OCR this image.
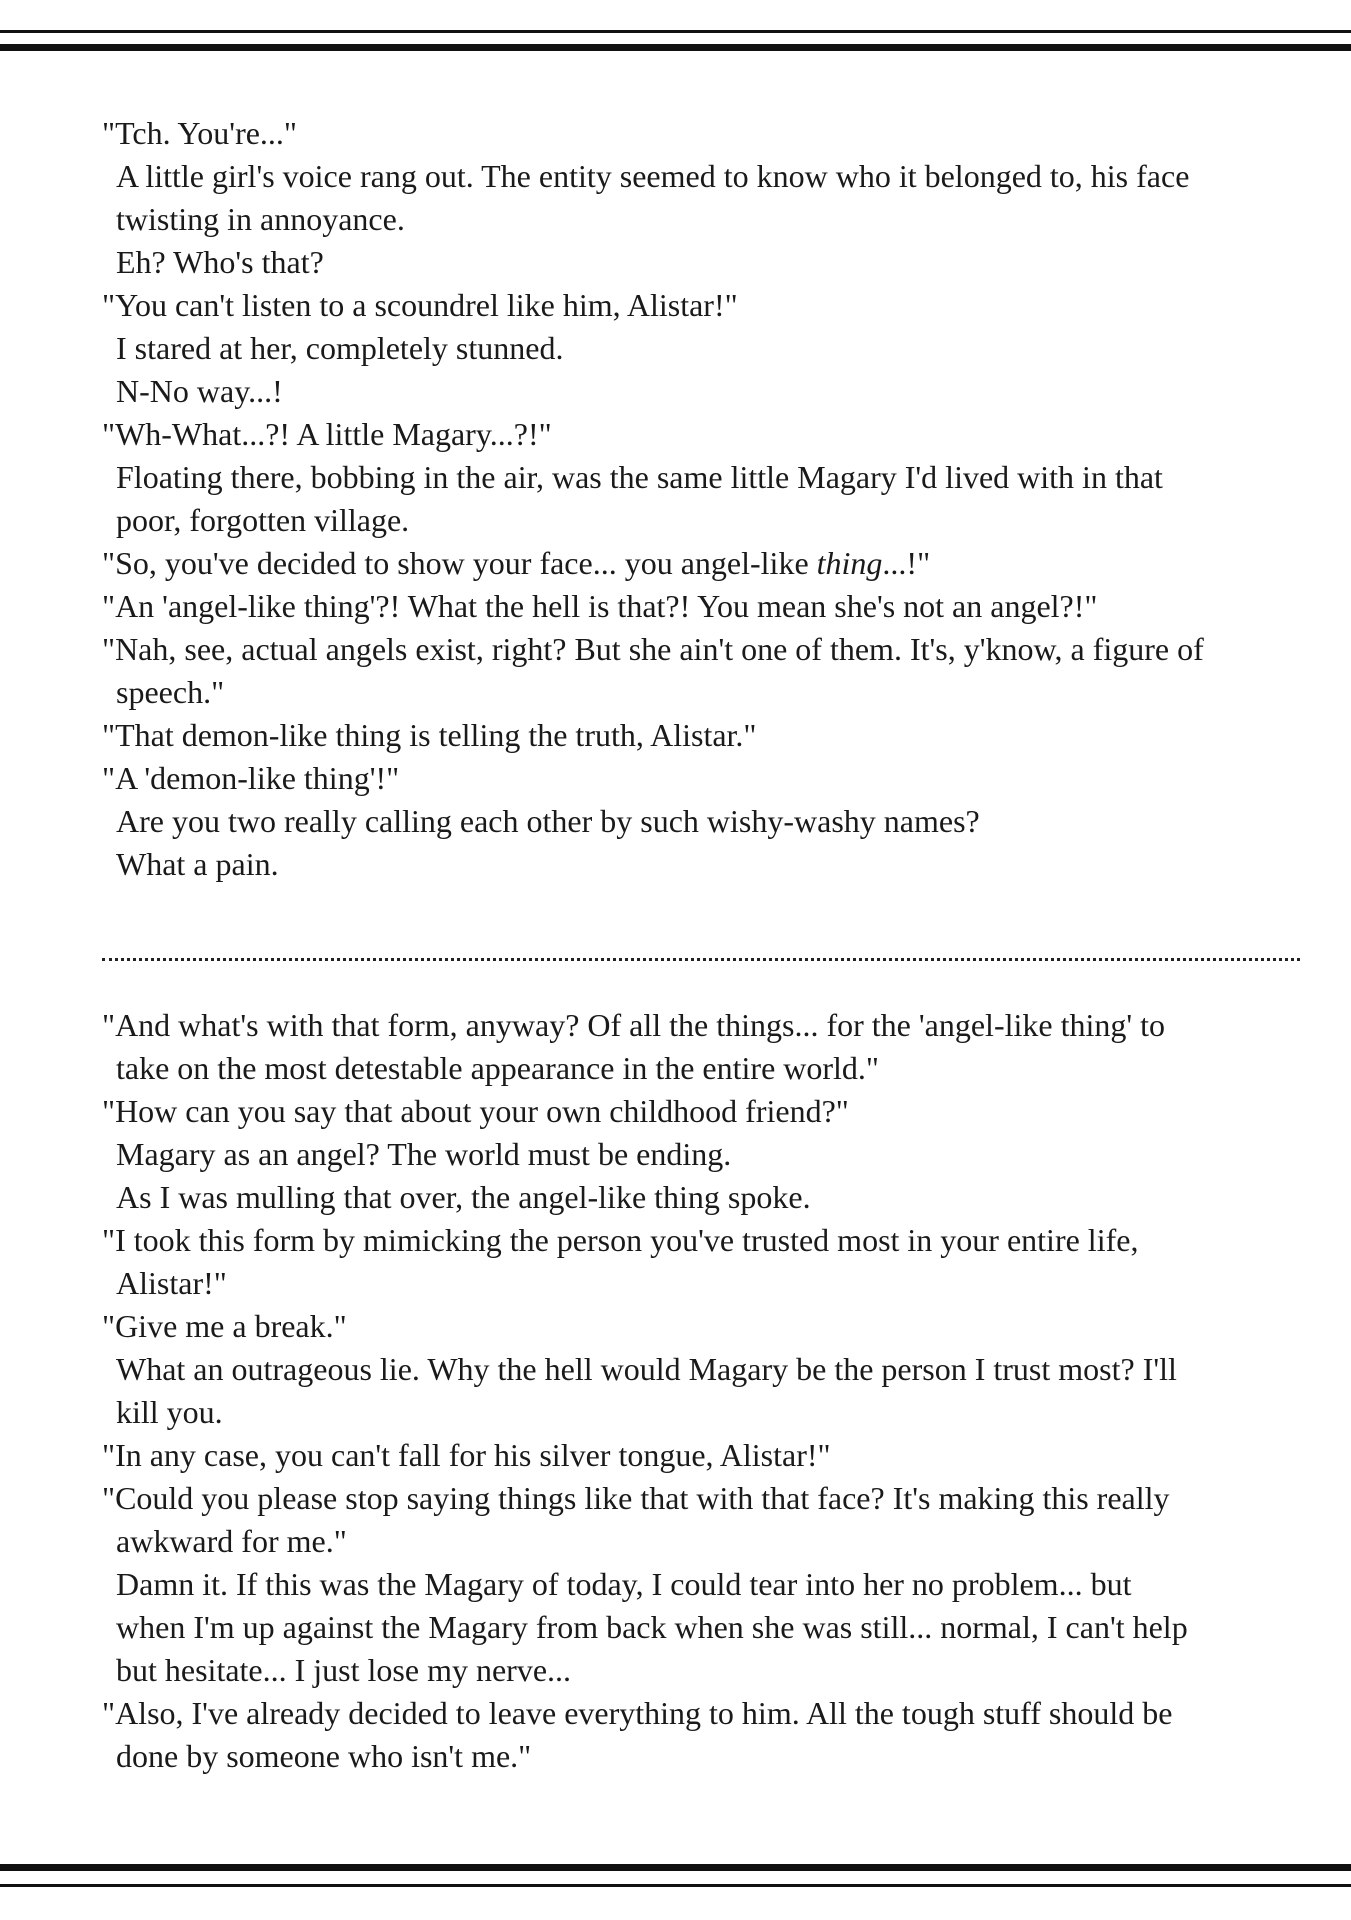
"Tch. You're..."

A little girl's voice rang out. The entity seemed to know who it belonged to, his face

twisting in annoyance.

Eh? Who's that?

"You can't listen to a scoundrel like him, Alistar!"

I stared at her, completely stunned.

N-No way...!

"Wh-What...?! A little Magary...?!"

Floating there, bobbing in the air, was the same little Magary I'd lived with in that

poor, forgotten village.

"So, you've decided to show your face... you angel-like thing...!"

"An 'angel-like thing'?! What the hell is that?! You mean she's not an angel?!"

"Nah, see, actual angels exist, right? But she ain't one of them. It's, y'know, a figure of

speech."

"That demon-like thing is telling the truth, Alistar."

"A 'demon-like thing'!"

Are you two really calling each other by such wishy-washy names?

What a pain.

"And what's with that form, anyway? Of all the things... for the 'angel-like thing' to

take on the most detestable appearance in the entire world."

"How can you say that about your own childhood friend?"

Magary as an angel? The world must be ending.

As I was mulling that over, the angel-like thing spoke.

"I took this form by mimicking the person you've trusted most in your entire life,

Alistar!"

"Give me a break."

What an outrageous lie. Why the hell would Magary be the person I trust most? I'll

kill you.

"In any case, you can't fall for his silver tongue, Alistar!"

"Could you please stop saying things like that with that face? It's making this really

awkward for me."

Damn it. If this was the Magary of today, I could tear into her no problem... but

when I'm up against the Magary from back when she was still... normal, I can't help

but hesitate... I just lose my nerve...

"Also, I've already decided to leave everything to him. All the tough stuff should be

done by someone who isn't me."
